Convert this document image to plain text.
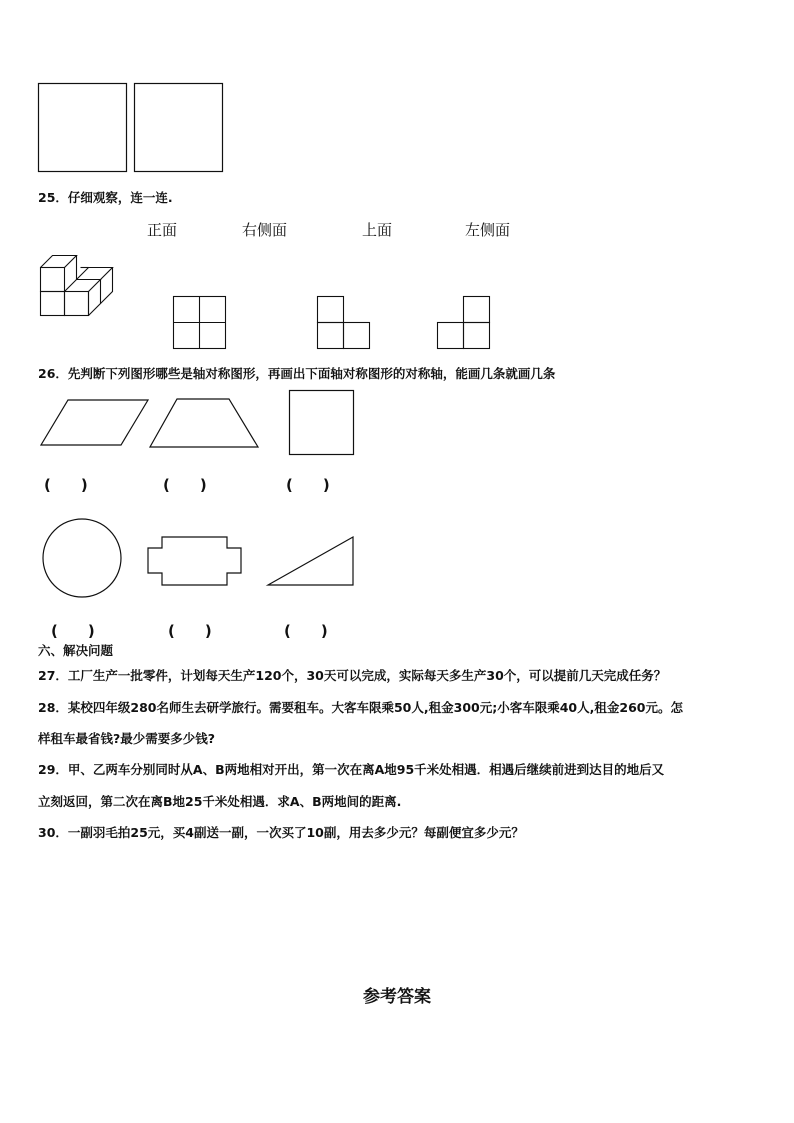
25．仔细观察，连一连.
正面	右侧面	上面	左侧面
26．先判断下列图形哪些是轴对称图形，再画出下面轴对称图形的对称轴，能画几条就画几条
(　　)	(　　)	(　　)
(　　)	(　　)	(　　)
六、解决问题
27．工厂生产一批零件，计划每天生产120个，30天可以完成，实际每天多生产30个，可以提前几天完成任务？
28．某校四年级280名师生去研学旅行。需要租车。大客车限乘50人,租金300元;小客车限乘40人,租金260元。怎
样租车最省钱?最少需要多少钱?
29．甲、乙两车分别同时从A、B两地相对开出，第一次在离A地95千米处相遇．相遇后继续前进到达目的地后又
立刻返回，第二次在离B地25千米处相遇．求A、B两地间的距离.
30．一副羽毛拍25元，买4副送一副，一次买了10副，用去多少元？每副便宜多少元？
参考答案
